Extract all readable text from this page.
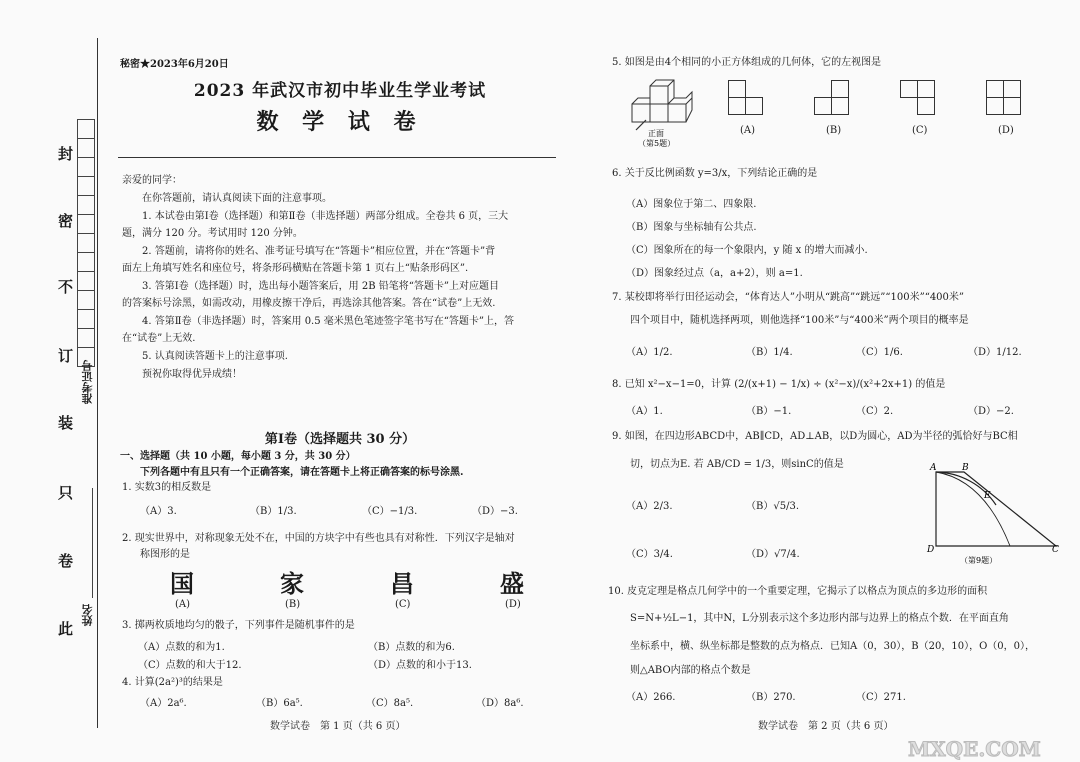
封
密
不
订
装
只
卷
此
准考证号
姓名
秘密★2023年6月20日
2023 年武汉市初中毕业生学业考试
数 学 试 卷
亲爱的同学：
在你答题前，请认真阅读下面的注意事项。
1. 本试卷由第Ⅰ卷（选择题）和第Ⅱ卷（非选择题）两部分组成。全卷共 6 页，三大
题，满分 120 分。考试用时 120 分钟。
2. 答题前，请将你的姓名、准考证号填写在“答题卡”相应位置，并在“答题卡”背
面左上角填写姓名和座位号，将条形码横贴在答题卡第 1 页右上“贴条形码区”.
3. 答第Ⅰ卷（选择题）时，选出每小题答案后，用 2B 铅笔将“答题卡”上对应题目
的答案标号涂黑，如需改动，用橡皮擦干净后，再选涂其他答案。答在“试卷”上无效.
4. 答第Ⅱ卷（非选择题）时，答案用 0.5 毫米黑色笔迹签字笔书写在“答题卡”上，答
在“试卷”上无效.
5. 认真阅读答题卡上的注意事项.
预祝你取得优异成绩！
第Ⅰ卷（选择题共 30 分）
一、选择题（共 10 小题，每小题 3 分，共 30 分）
下列各题中有且只有一个正确答案，请在答题卡上将正确答案的标号涂黑.
1. 实数3的相反数是
（A）3.	（B）1/3.	（C）−1/3.	（D）−3.
2. 现实世界中，对称现象无处不在，中国的方块字中有些也具有对称性．下列汉字是轴对
称图形的是
国	家	昌	盛
(A)	(B)	(C)	(D)
3. 掷两枚质地均匀的骰子，下列事件是随机事件的是
（A）点数的和为1.	（B）点数的和为6.
（C）点数的和大于12.	（D）点数的和小于13.
4. 计算(2a²)³的结果是
（A）2a⁶.	（B）6a⁵.	（C）8a⁵.	（D）8a⁶.
数学试卷　第 1 页（共 6 页）
5. 如图是由4个相同的小正方体组成的几何体，它的左视图是
正面
（第5题）
(A)	(B)	(C)	(D)
6. 关于反比例函数 y=3/x，下列结论正确的是
（A）图象位于第二、四象限.
（B）图象与坐标轴有公共点.
（C）图象所在的每一个象限内，y 随 x 的增大而减小.
（D）图象经过点（a，a+2），则 a=1.
7. 某校即将举行田径运动会，“体育达人”小明从“跳高”“跳远”“100米”“400米”
四个项目中，随机选择两项，则他选择“100米”与“400米”两个项目的概率是
（A）1/2.	（B）1/4.	（C）1/6.	（D）1/12.
8. 已知 x²−x−1=0，计算 (2/(x+1) − 1/x) ÷ (x²−x)/(x²+2x+1) 的值是
（A）1.	（B）−1.	（C）2.	（D）−2.
9. 如图，在四边形ABCD中，AB∥CD，AD⊥AB，以D为圆心，AD为半径的弧恰好与BC相
切，切点为E. 若 AB/CD = 1/3，则sinC的值是
（A）2/3.	（B）√5/3.
（C）3/4.	（D）√7/4.
A	B
E
D	C
（第9题）
10. 皮克定理是格点几何学中的一个重要定理，它揭示了以格点为顶点的多边形的面积
S=N+½L−1，其中N，L分别表示这个多边形内部与边界上的格点个数．在平面直角
坐标系中，横、纵坐标都是整数的点为格点．已知A（0，30），B（20，10），O（0，0），
则△ABO内部的格点个数是
（A）266.	（B）270.	（C）271.
数学试卷　第 2 页（共 6 页）
MXQE.COM
